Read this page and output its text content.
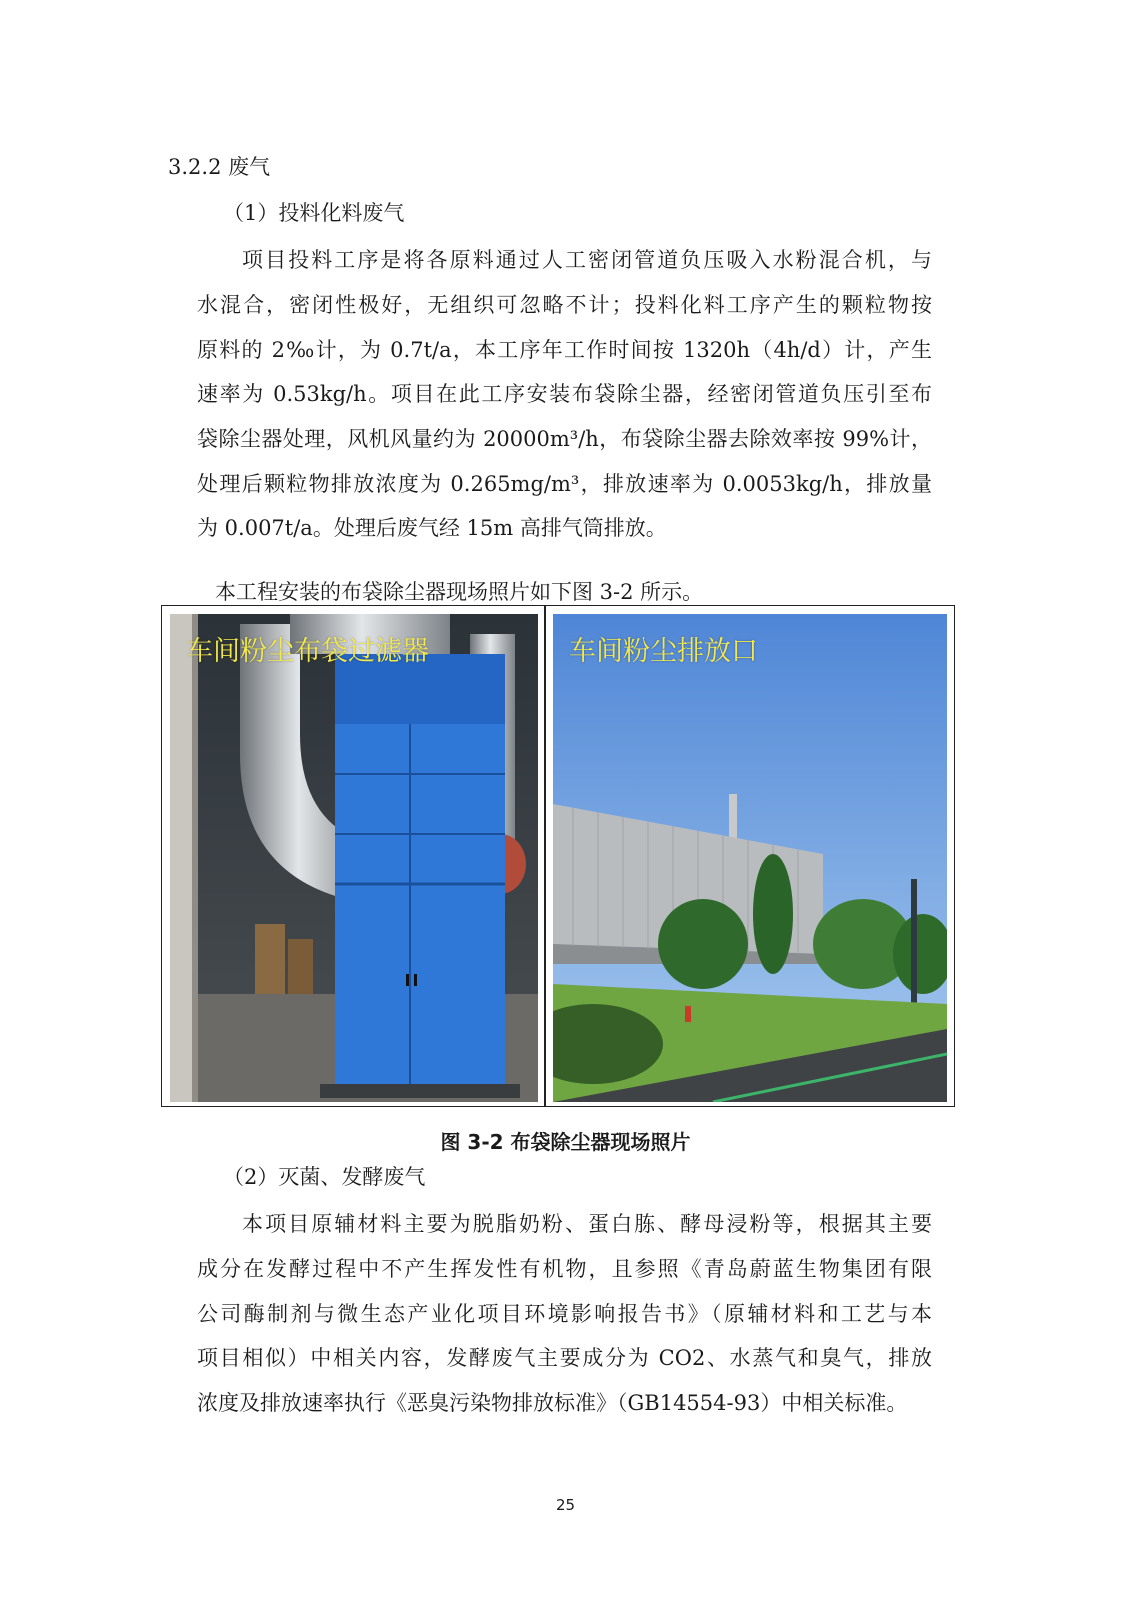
3.2.2 废气
（1）投料化料废气
项目投料工序是将各原料通过人工密闭管道负压吸入水粉混合机，与
水混合，密闭性极好，无组织可忽略不计；投料化料工序产生的颗粒物按
原料的 2‰计，为 0.7t/a，本工序年工作时间按 1320h（4h/d）计，产生
速率为 0.53kg/h。项目在此工序安装布袋除尘器，经密闭管道负压引至布
袋除尘器处理，风机风量约为 20000m³/h，布袋除尘器去除效率按 99%计，
处理后颗粒物排放浓度为 0.265mg/m³，排放速率为 0.0053kg/h，排放量
为 0.007t/a。处理后废气经 15m 高排气筒排放。
本工程安装的布袋除尘器现场照片如下图 3-2 所示。
车间粉尘布袋过滤器	车间粉尘排放口
图 3-2 布袋除尘器现场照片
（2）灭菌、发酵废气
本项目原辅材料主要为脱脂奶粉、蛋白胨、酵母浸粉等，根据其主要
成分在发酵过程中不产生挥发性有机物，且参照《青岛蔚蓝生物集团有限
公司酶制剂与微生态产业化项目环境影响报告书》（原辅材料和工艺与本
项目相似）中相关内容，发酵废气主要成分为 CO2、水蒸气和臭气，排放
浓度及排放速率执行《恶臭污染物排放标准》（GB14554-93）中相关标准。
25
